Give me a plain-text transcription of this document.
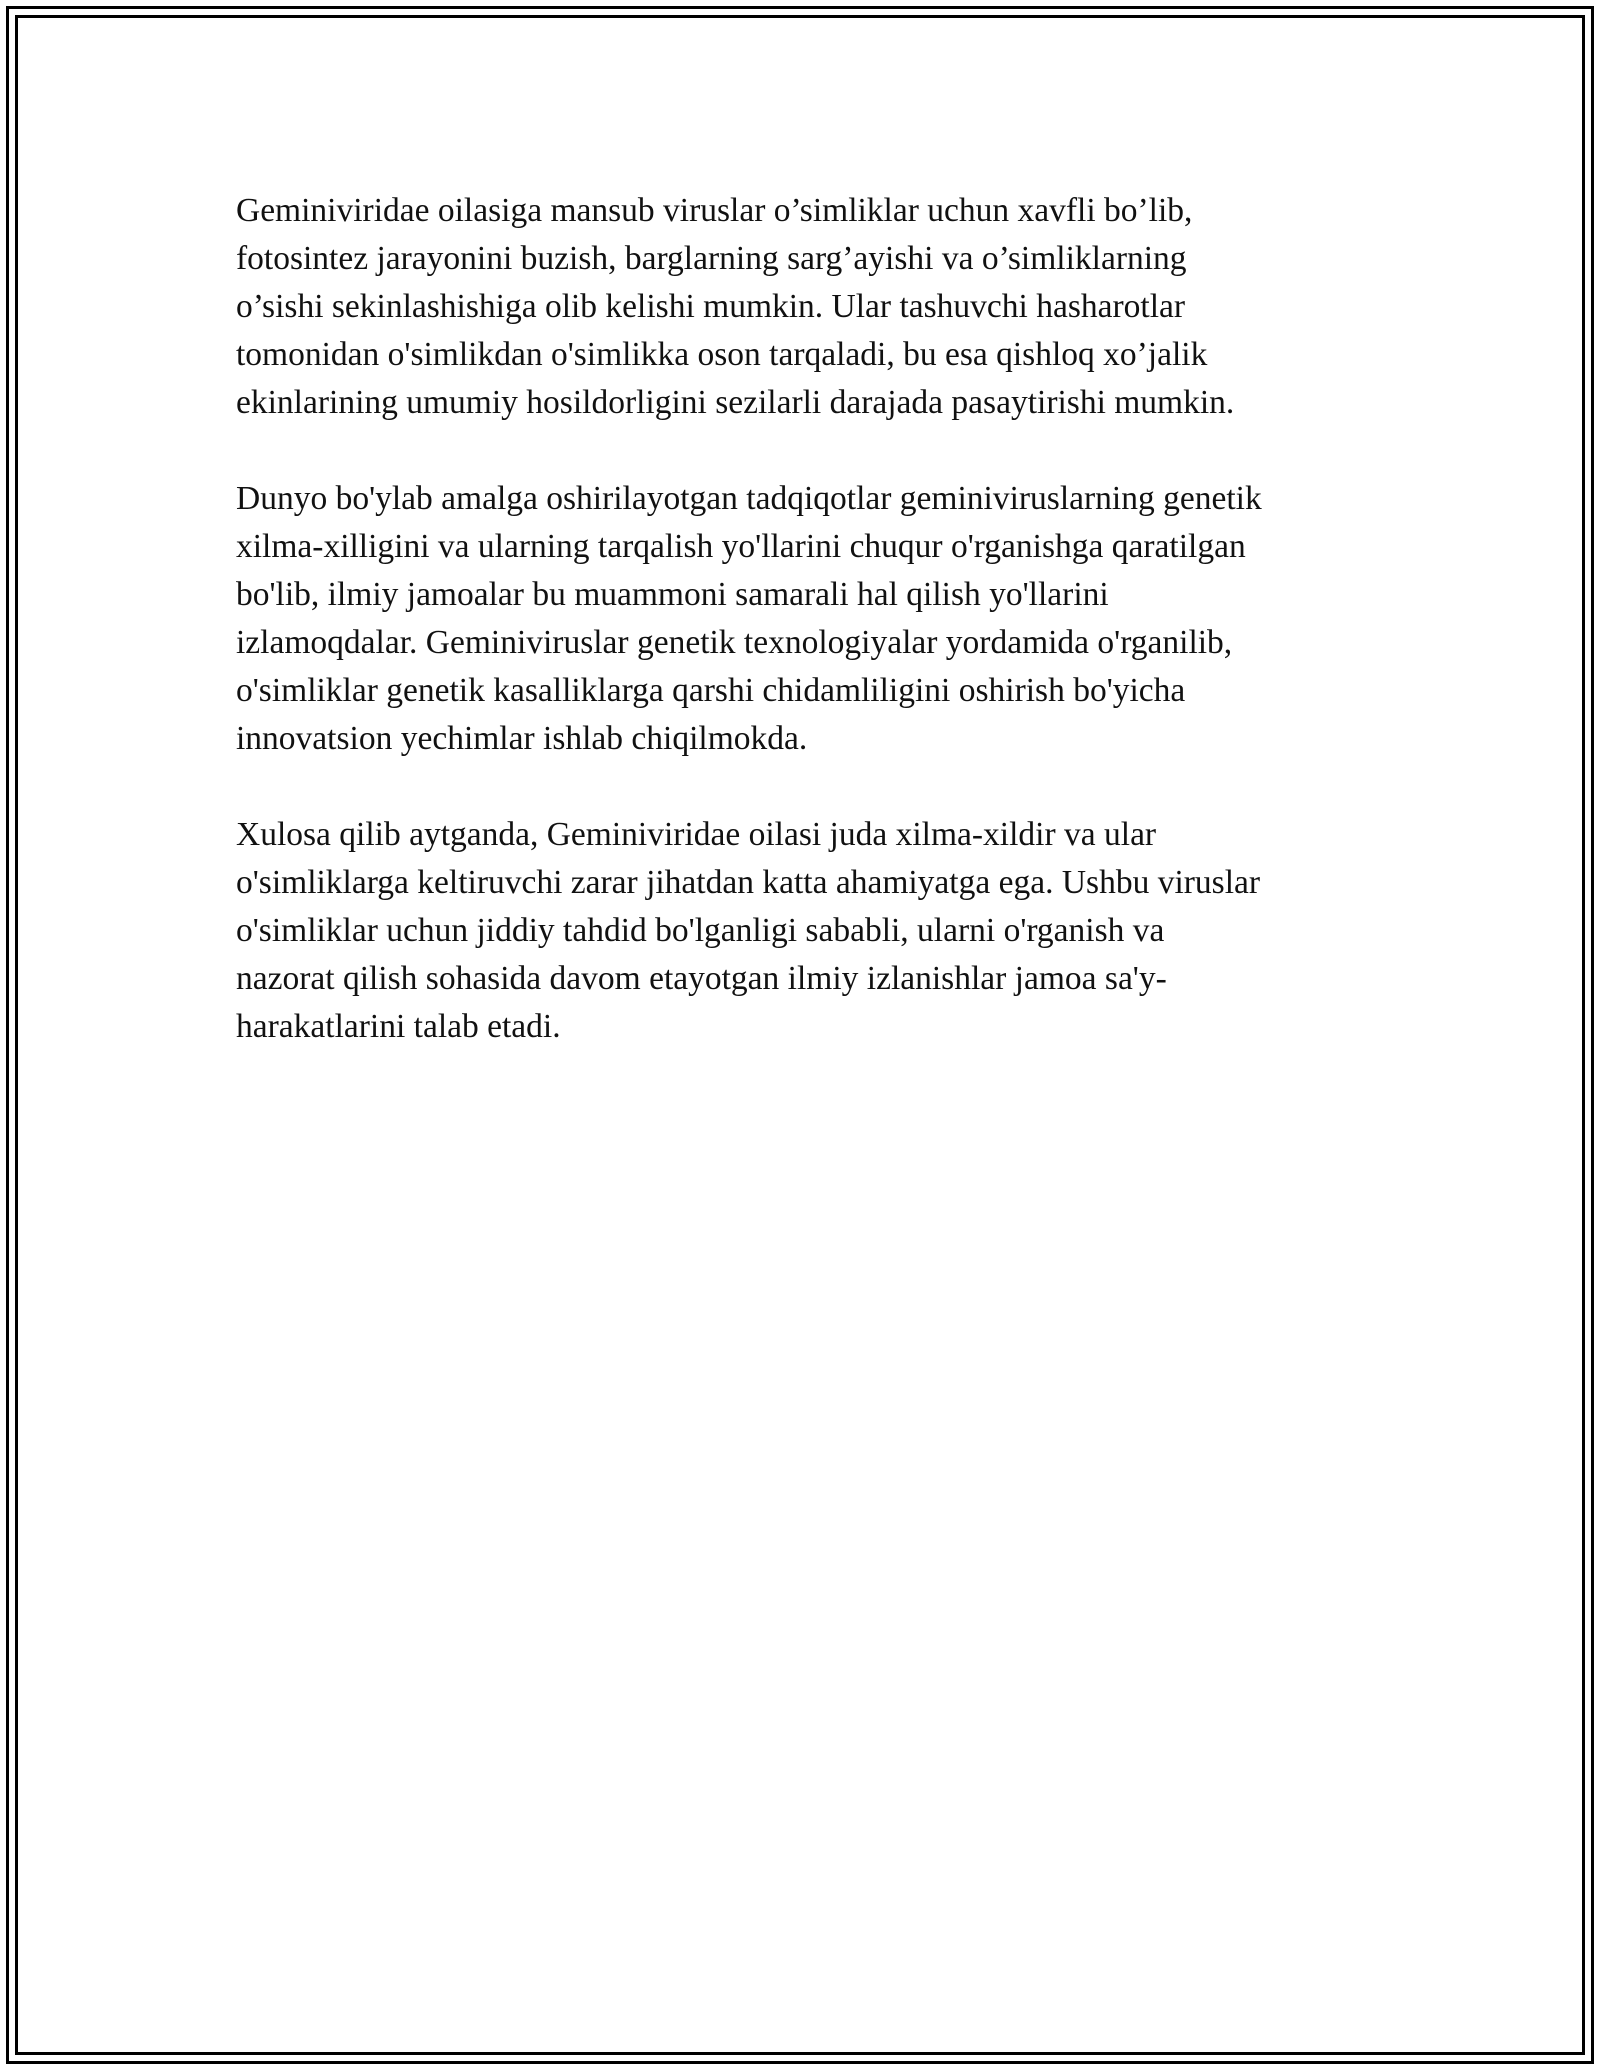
Geminiviridae oilasiga mansub viruslar o’simliklar uchun xavfli bo’lib,
fotosintez jarayonini buzish, barglarning sarg’ayishi va o’simliklarning
o’sishi sekinlashishiga olib kelishi mumkin. Ular tashuvchi hasharotlar
tomonidan o'simlikdan o'simlikka oson tarqaladi, bu esa qishloq xo’jalik
ekinlarining umumiy hosildorligini sezilarli darajada pasaytirishi mumkin.

Dunyo bo'ylab amalga oshirilayotgan tadqiqotlar geminiviruslarning genetik
xilma-xilligini va ularning tarqalish yo'llarini chuqur o'rganishga qaratilgan
bo'lib, ilmiy jamoalar bu muammoni samarali hal qilish yo'llarini
izlamoqdalar. Geminiviruslar genetik texnologiyalar yordamida o'rganilib,
o'simliklar genetik kasalliklarga qarshi chidamliligini oshirish bo'yicha
innovatsion yechimlar ishlab chiqilmokda.

Xulosa qilib aytganda, Geminiviridae oilasi juda xilma-xildir va ular
o'simliklarga keltiruvchi zarar jihatdan katta ahamiyatga ega. Ushbu viruslar
o'simliklar uchun jiddiy tahdid bo'lganligi sababli, ularni o'rganish va
nazorat qilish sohasida davom etayotgan ilmiy izlanishlar jamoa sa'y-
harakatlarini talab etadi.
